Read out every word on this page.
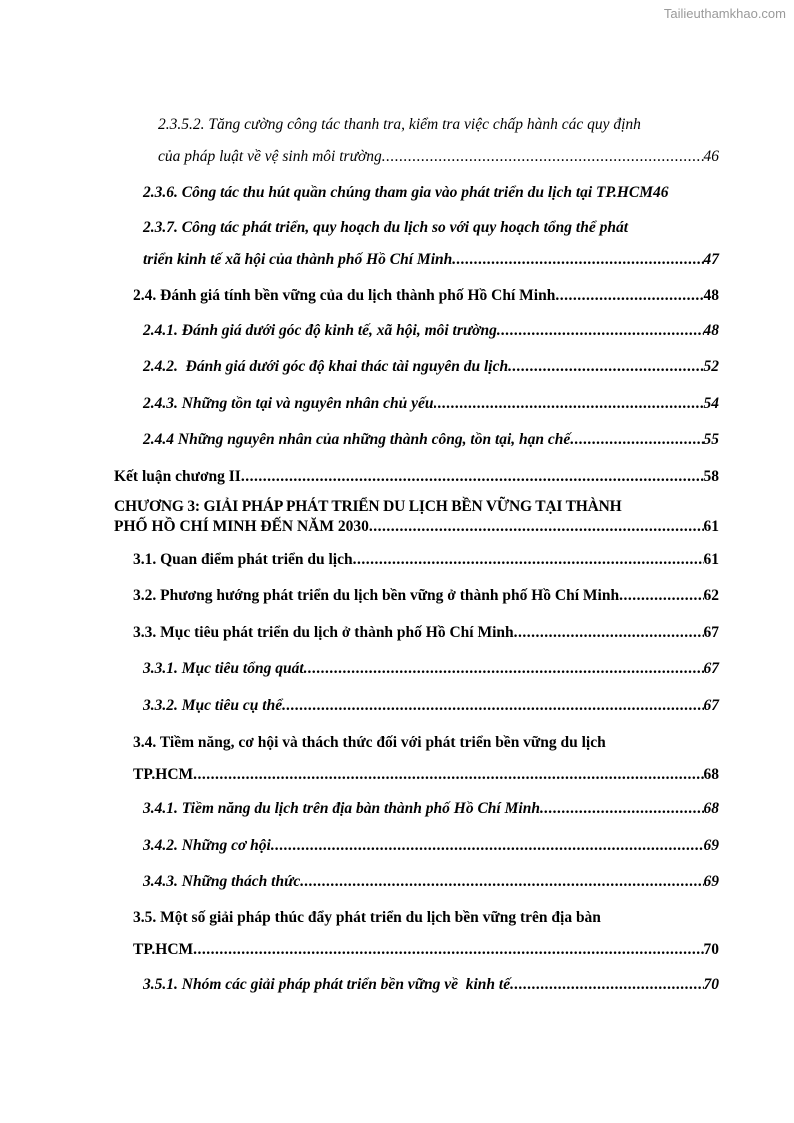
Tailieuthamkhao.com
2.3.5.2. Tăng cường công tác thanh tra, kiểm tra việc chấp hành các quy định
của pháp luật về vệ sinh môi trường .....	46
2.3.6. Công tác thu hút quần chúng tham gia vào phát triển du lịch tại TP.HCM 46
2.3.7. Công tác phát triển, quy hoạch du lịch so với quy hoạch tổng thể phát
triển kinh tế xã hội của thành phố Hồ Chí Minh .....	47
2.4. Đánh giá tính bền vững của du lịch thành phố Hồ Chí Minh .....	48
2.4.1. Đánh giá dưới góc độ kinh tế, xã hội, môi trường .....	48
2.4.2.  Đánh giá dưới góc độ khai thác tài nguyên du lịch .....	52
2.4.3. Những tồn tại và nguyên nhân chủ yếu .....	54
2.4.4 Những nguyên nhân của những thành công, tồn tại, hạn chế .....	55
Kết luận chương II .....	58
CHƯƠNG 3: GIẢI PHÁP PHÁT TRIỂN DU LỊCH BỀN VỮNG TẠI THÀNH
PHỐ HỒ CHÍ MINH ĐẾN NĂM 2030 .....	61
3.1. Quan điểm phát triển du lịch .....	61
3.2. Phương hướng phát triển du lịch bền vững ở thành phố Hồ Chí Minh .....	62
3.3. Mục tiêu phát triển du lịch ở thành phố Hồ Chí Minh .....	67
3.3.1. Mục tiêu tổng quát .....	67
3.3.2. Mục tiêu cụ thể .....	67
3.4. Tiềm năng, cơ hội và thách thức đối với phát triển bền vững du lịch
TP.HCM .....	68
3.4.1. Tiềm năng du lịch trên địa bàn thành phố Hồ Chí Minh .....	68
3.4.2. Những cơ hội .....	69
3.4.3. Những thách thức .....	69
3.5. Một số giải pháp thúc đẩy phát triển du lịch bền vững trên địa bàn
TP.HCM .....	70
3.5.1. Nhóm các giải pháp phát triển bền vững về  kinh tế .....	70
